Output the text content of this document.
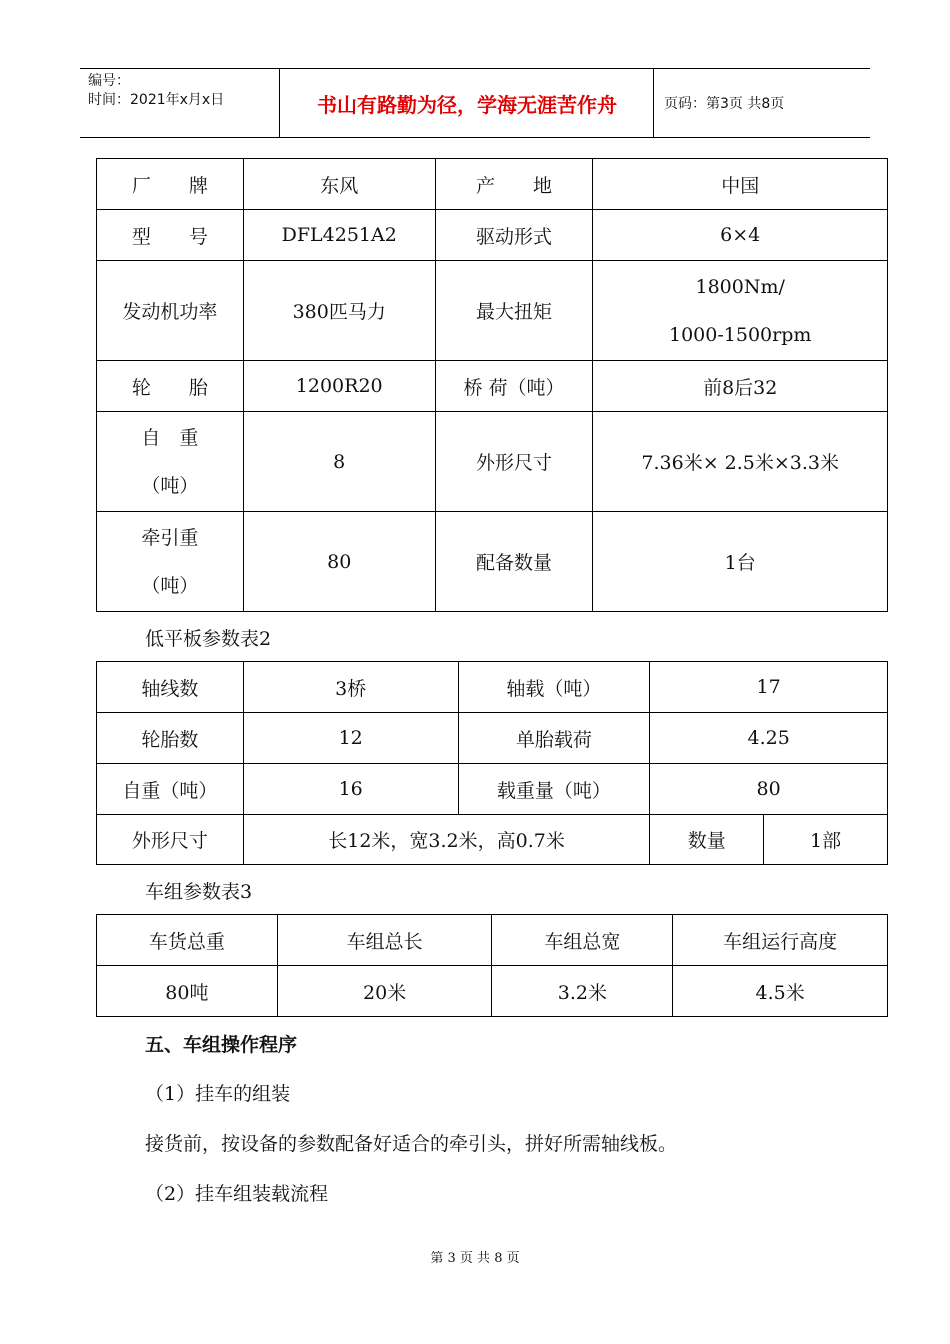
编号：
时间：2021年x月x日	书山有路勤为径，学海无涯苦作舟	页码：第3页 共8页
厂　　牌	东风	产　　地	中国
型　　号	DFL4251A2	驱动形式	6×4
发动机功率	380匹马力	最大扭矩	1800Nm/
1000-1500rpm

轮　　胎	1200R20	桥 荷（吨）	前8后32

自　重
（吨）	8	外形尺寸	7.36米× 2.5米×3.3米

牵引重
（吨）	80	配备数量	1台
低平板参数表2
轴线数	3桥	轴载（吨）	17	
轮胎数	12	单胎载荷	4.25	
自重（吨）	16	载重量（吨）	80	
外形尺寸	长12米，宽3.2米，高0.7米		数量	1部
车组参数表3
车货总重	车组总长	车组总宽	车组运行高度
80吨	20米	3.2米	4.5米
五、车组操作程序
（1）挂车的组装
接货前，按设备的参数配备好适合的牵引头，拼好所需轴线板。
（2）挂车组装载流程
第 3 页 共 8 页
